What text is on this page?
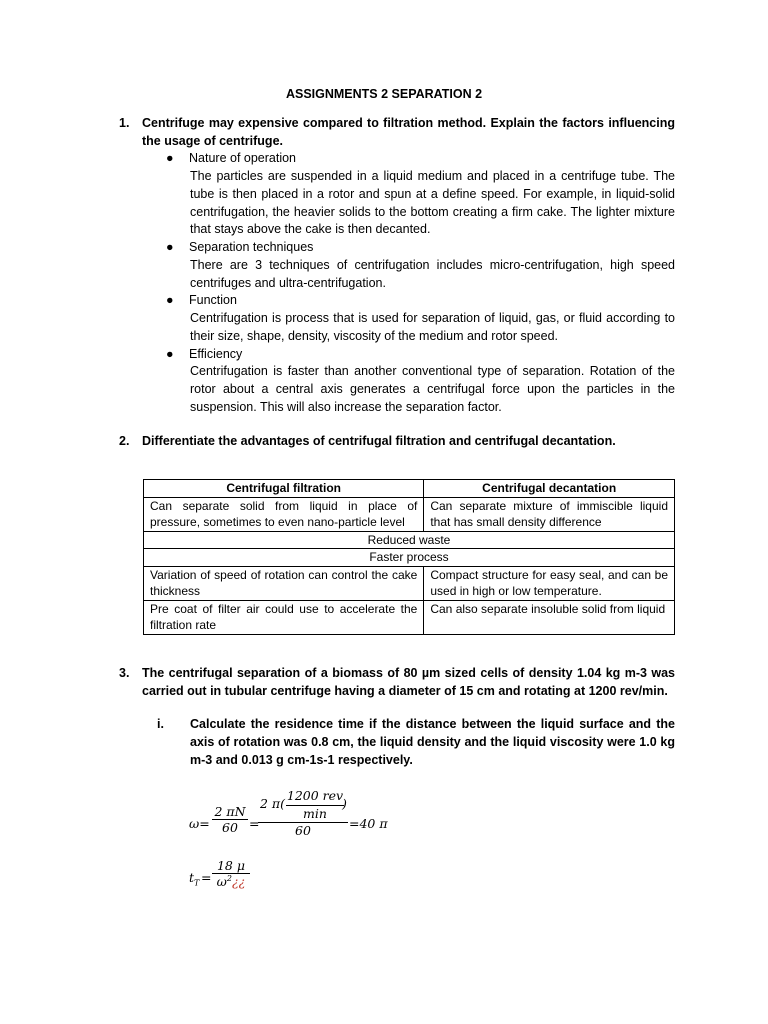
ASSIGNMENTS 2 SEPARATION 2
1. Centrifuge may expensive compared to filtration method. Explain the factors influencing the usage of centrifuge.
● Nature of operation
The particles are suspended in a liquid medium and placed in a centrifuge tube. The tube is then placed in a rotor and spun at a define speed. For example, in liquid-solid centrifugation, the heavier solids to the bottom creating a firm cake. The lighter mixture that stays above the cake is then decanted.
● Separation techniques
There are 3 techniques of centrifugation includes micro-centrifugation, high speed centrifuges and ultra-centrifugation.
● Function
Centrifugation is process that is used for separation of liquid, gas, or fluid according to their size, shape, density, viscosity of the medium and rotor speed.
● Efficiency
Centrifugation is faster than another conventional type of separation. Rotation of the rotor about a central axis generates a centrifugal force upon the particles in the suspension. This will also increase the separation factor.
2. Differentiate the advantages of centrifugal filtration and centrifugal decantation.
Centrifugal filtration	Centrifugal decantation
Can separate solid from liquid in place of pressure, sometimes to even nano-particle level	Can separate mixture of immiscible liquid that has small density difference
Reduced waste	
Faster process	
Variation of speed of rotation can control the cake thickness	Compact structure for easy seal, and can be used in high or low temperature.
Pre coat of filter air could use to accelerate the filtration rate	Can also separate insoluble solid from liquid
3. The centrifugal separation of a biomass of 80 µm sized cells of density 1.04 kg m-3 was carried out in tubular centrifuge having a diameter of 15 cm and rotating at 1200 rev/min.
i. Calculate the residence time if the distance between the liquid surface and the axis of rotation was 0.8 cm, the liquid density and the liquid viscosity were 1.0 kg m-3 and 0.013 g cm-1s-1 respectively.
$\omega= \frac{2 \pi N}{60}$ =
2 π(
1200 rev
min
)
60	=40 π
$t_T = \frac{18 \mu}{\omega^2¿¿}$
